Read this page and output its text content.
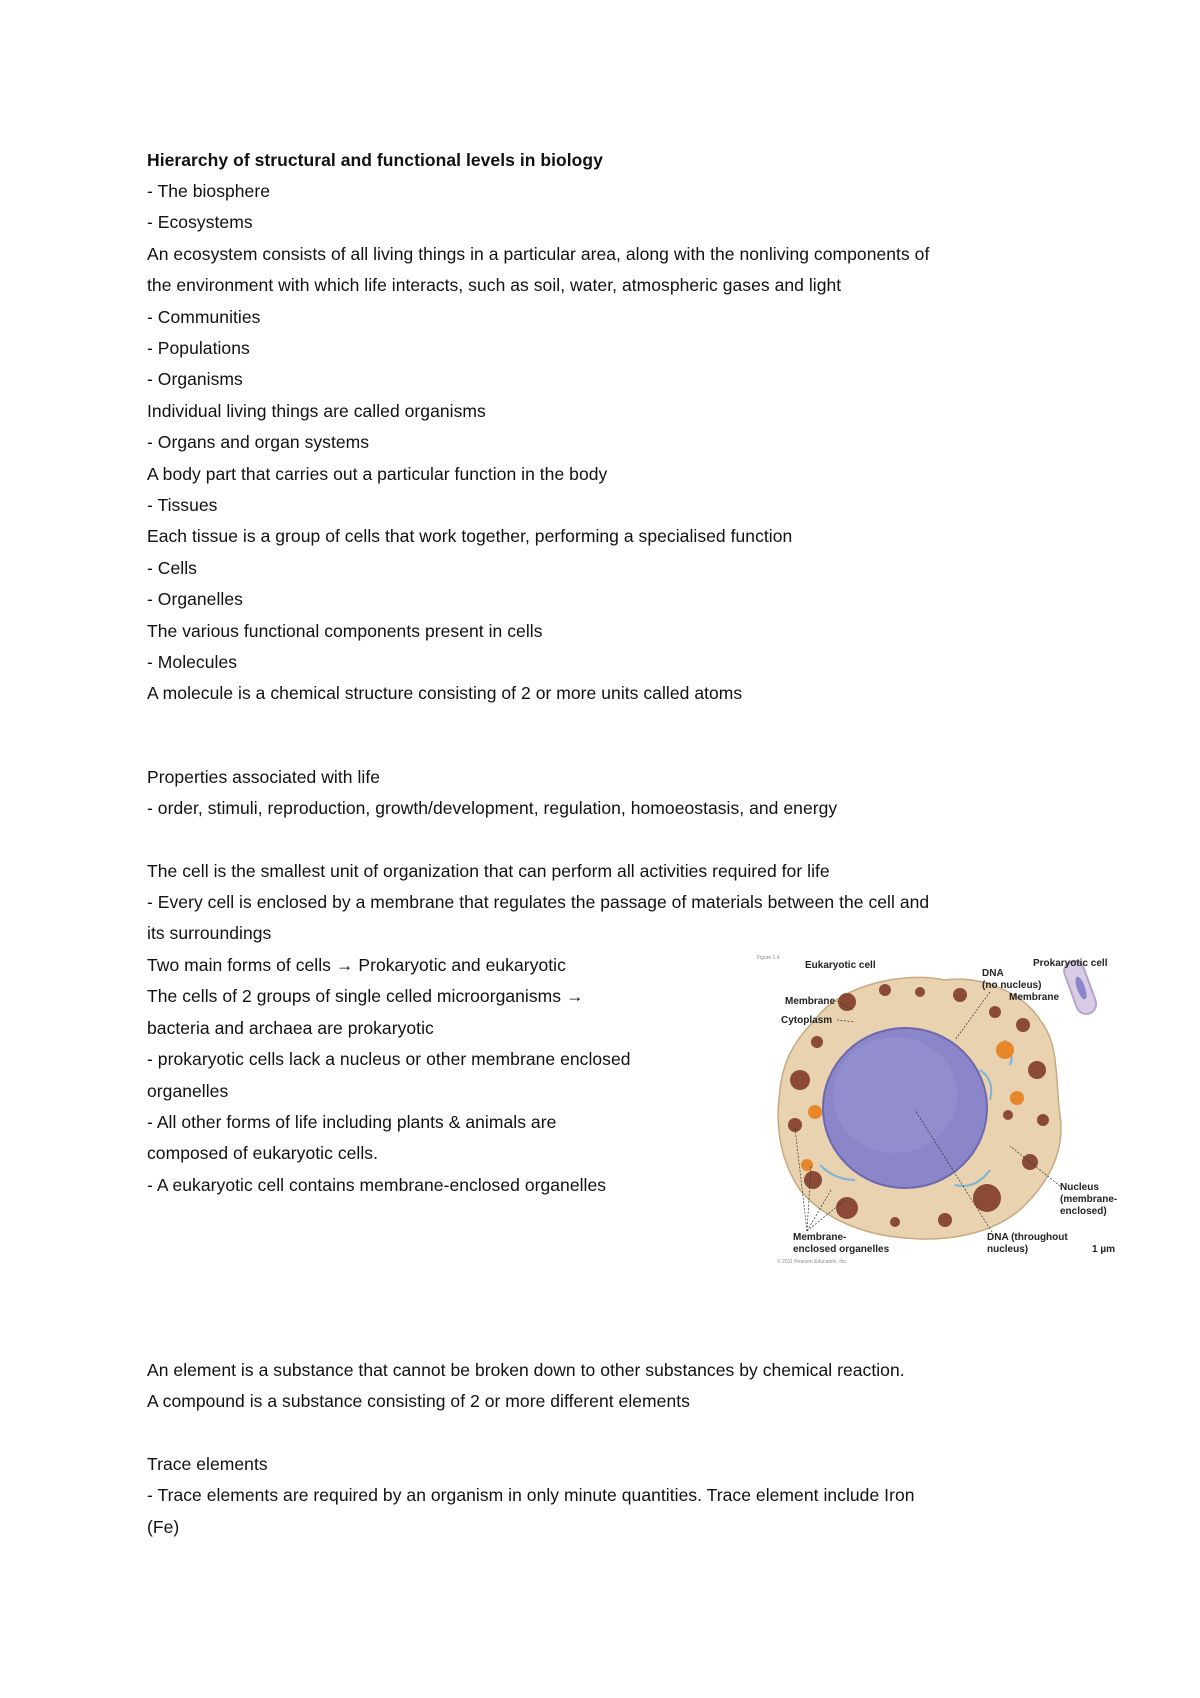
Hierarchy of structural and functional levels in biology
- The biosphere
- Ecosystems
An ecosystem consists of all living things in a particular area, along with the nonliving components of
the environment with which life interacts, such as soil, water, atmospheric gases and light
- Communities
- Populations
- Organisms
Individual living things are called organisms
- Organs and organ systems
A body part that carries out a particular function in the body
- Tissues
Each tissue is a group of cells that work together, performing a specialised function
- Cells
- Organelles
The various functional components present in cells
- Molecules
A molecule is a chemical structure consisting of 2 or more units called atoms
Properties associated with life
- order, stimuli, reproduction, growth/development, regulation, homoeostasis, and energy
The cell is the smallest unit of organization that can perform all activities required for life
- Every cell is enclosed by a membrane that regulates the passage of materials between the cell and
its surroundings
Two main forms of cells → Prokaryotic and eukaryotic
The cells of 2 groups of single celled microorganisms →
bacteria and archaea are prokaryotic
- prokaryotic cells lack a nucleus or other membrane enclosed
organelles
- All other forms of life including plants & animals are
composed of eukaryotic cells.
- A eukaryotic cell contains membrane-enclosed organelles
An element is a substance that cannot be broken down to other substances by chemical reaction.
A compound is a substance consisting of 2 or more different elements
Trace elements
- Trace elements are required by an organism in only minute quantities. Trace element include Iron
(Fe)
Figure 1.4
Eukaryotic cell	Prokaryotic cell
DNA
(no nucleus)
Membrane
Membrane
Cytoplasm
Nucleus
(membrane-
enclosed)
Membrane-
enclosed organelles
DNA (throughout
nucleus)	1 µm
© 2011 Pearson Education, Inc.
